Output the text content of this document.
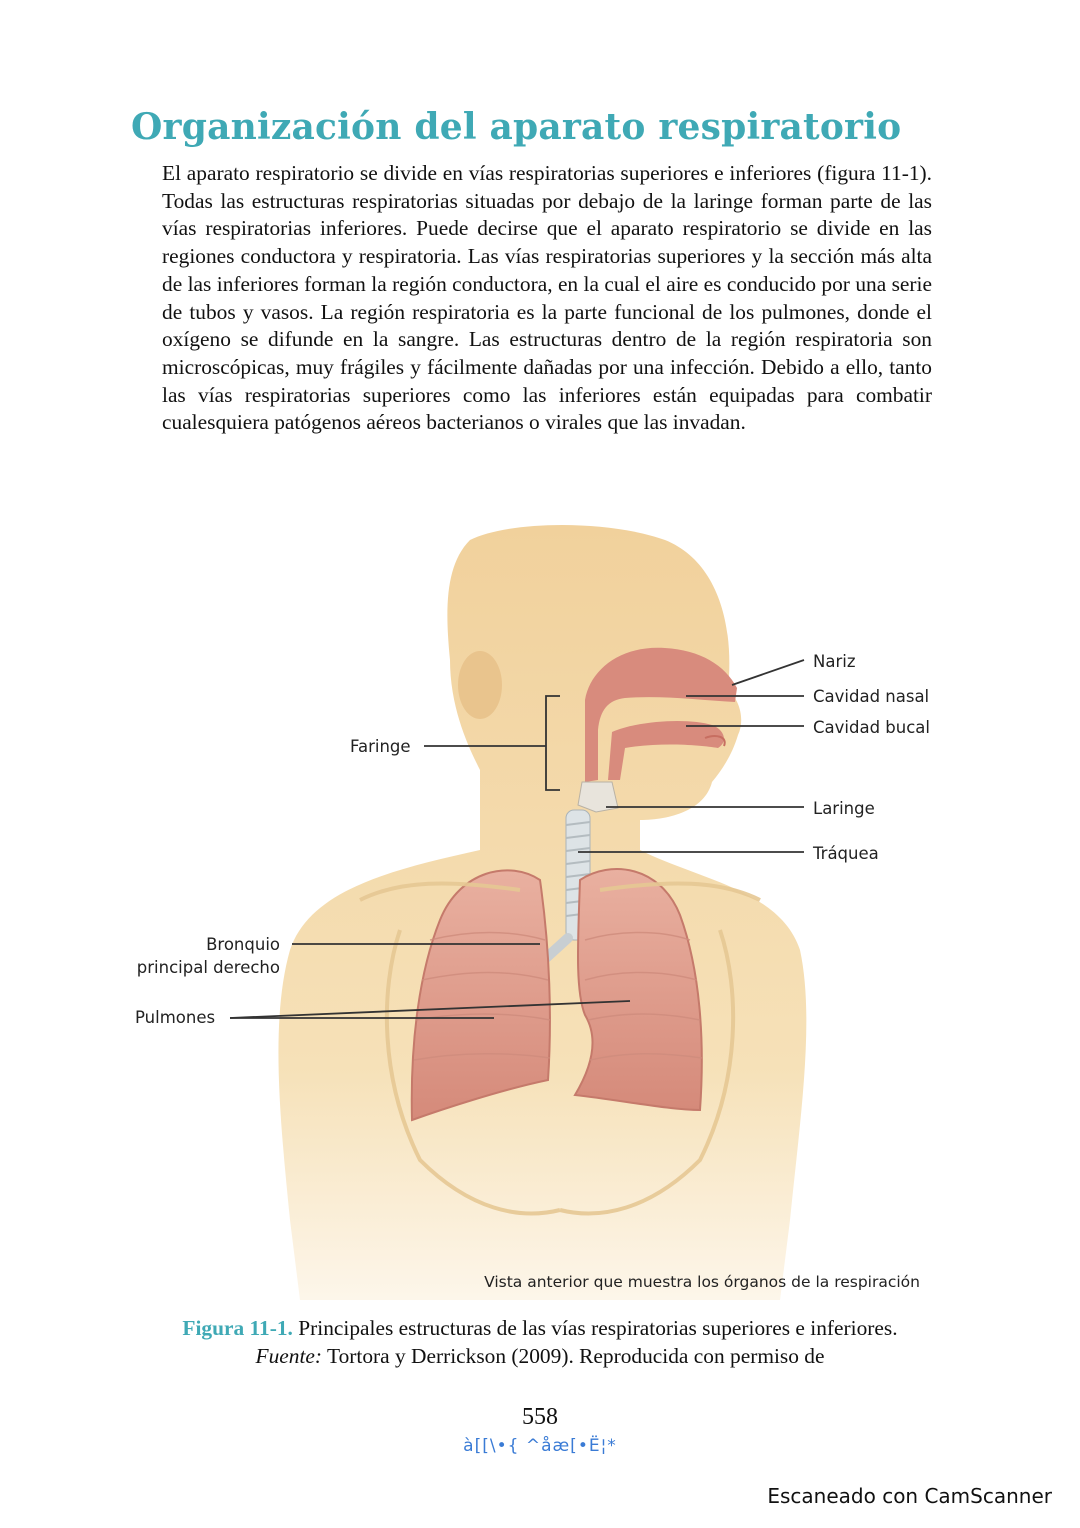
Organización del aparato respiratorio
El aparato respiratorio se divide en vías respiratorias superiores e inferiores (figura 11-1). Todas las estructuras respiratorias situadas por debajo de la laringe forman parte de las vías respiratorias inferiores. Puede decirse que el aparato respiratorio se divide en las regiones conductora y respiratoria. Las vías respiratorias superiores y la sección más alta de las inferiores forman la región conductora, en la cual el aire es conducido por una serie de tubos y vasos. La región respiratoria es la parte funcional de los pulmones, donde el oxígeno se difunde en la sangre. Las estructuras dentro de la región respiratoria son microscópicas, muy frágiles y fácilmente dañadas por una infección. Debido a ello, tanto las vías respiratorias superiores como las inferiores están equipadas para combatir cualesquiera patógenos aéreos bacterianos o virales que las invadan.
Nariz
Cavidad nasal
Cavidad bucal
Faringe
Laringe
Tráquea
Bronquio
principal derecho
Pulmones
Vista anterior que muestra los órganos de la respiración
Figura 11-1. Principales estructuras de las vías respiratorias superiores e inferiores. Fuente: Tortora y Derrickson (2009). Reproducida con permiso de
558
à[[\•{ ^åæ[•Ë¦*
Escaneado con CamScanner
